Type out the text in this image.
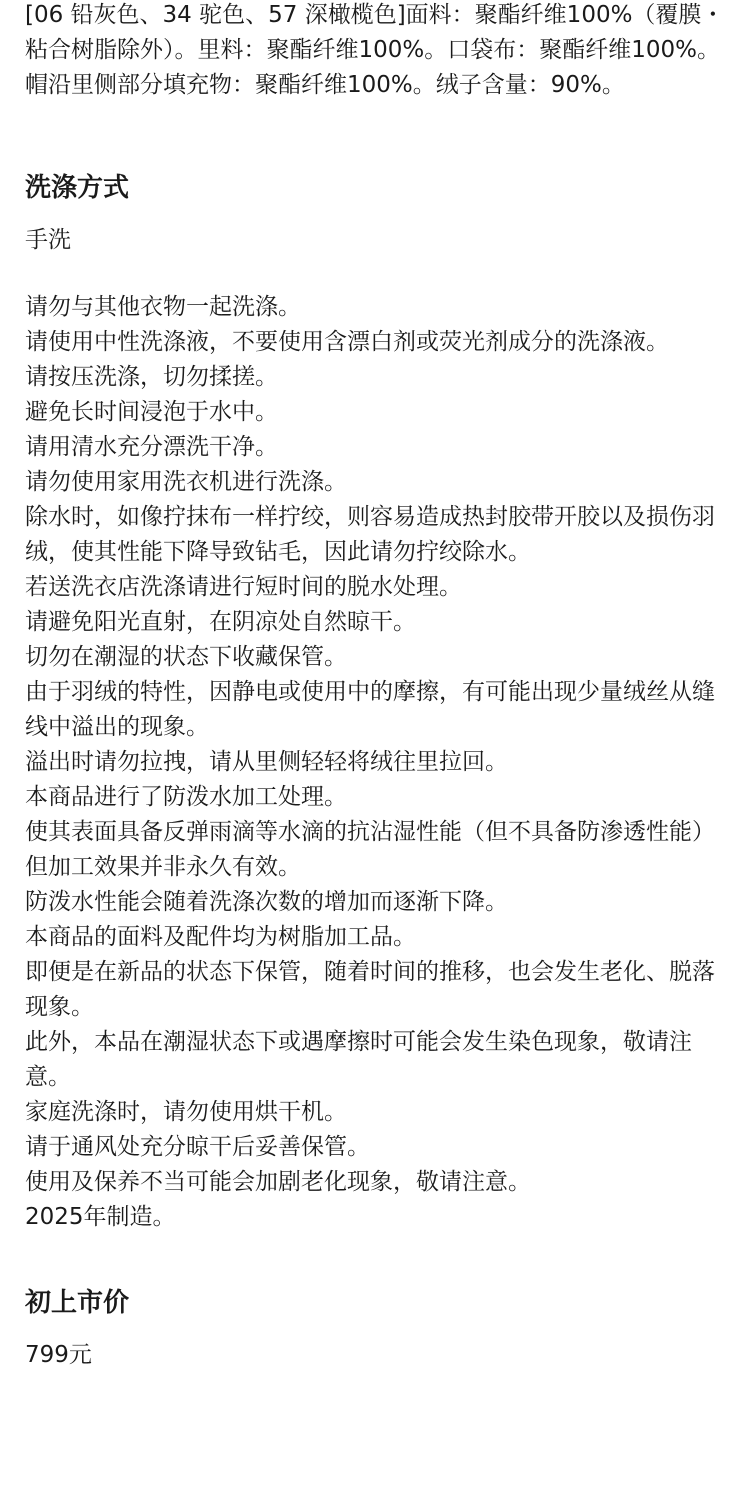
[06 铅灰色、34 驼色、57 深橄榄色]面料：聚酯纤维100%（覆膜・粘合树脂除外）。里料：聚酯纤维100%。口袋布：聚酯纤维100%。帽沿里侧部分填充物：聚酯纤维100%。绒子含量：90%。

洗涤方式

手洗

请勿与其他衣物一起洗涤。
请使用中性洗涤液，不要使用含漂白剂或荧光剂成分的洗涤液。
请按压洗涤，切勿揉搓。
避免长时间浸泡于水中。
请用清水充分漂洗干净。
请勿使用家用洗衣机进行洗涤。
除水时，如像拧抹布一样拧绞，则容易造成热封胶带开胶以及损伤羽绒，使其性能下降导致钻毛，因此请勿拧绞除水。
若送洗衣店洗涤请进行短时间的脱水处理。
请避免阳光直射，在阴凉处自然晾干。
切勿在潮湿的状态下收藏保管。
由于羽绒的特性，因静电或使用中的摩擦，有可能出现少量绒丝从缝线中溢出的现象。
溢出时请勿拉拽，请从里侧轻轻将绒往里拉回。
本商品进行了防泼水加工处理。
使其表面具备反弹雨滴等水滴的抗沾湿性能（但不具备防渗透性能）但加工效果并非永久有效。
防泼水性能会随着洗涤次数的增加而逐渐下降。
本商品的面料及配件均为树脂加工品。
即便是在新品的状态下保管，随着时间的推移，也会发生老化、脱落现象。
此外，本品在潮湿状态下或遇摩擦时可能会发生染色现象，敬请注意。
家庭洗涤时，请勿使用烘干机。
请于通风处充分晾干后妥善保管。
使用及保养不当可能会加剧老化现象，敬请注意。
2025年制造。
初上市价

799元
